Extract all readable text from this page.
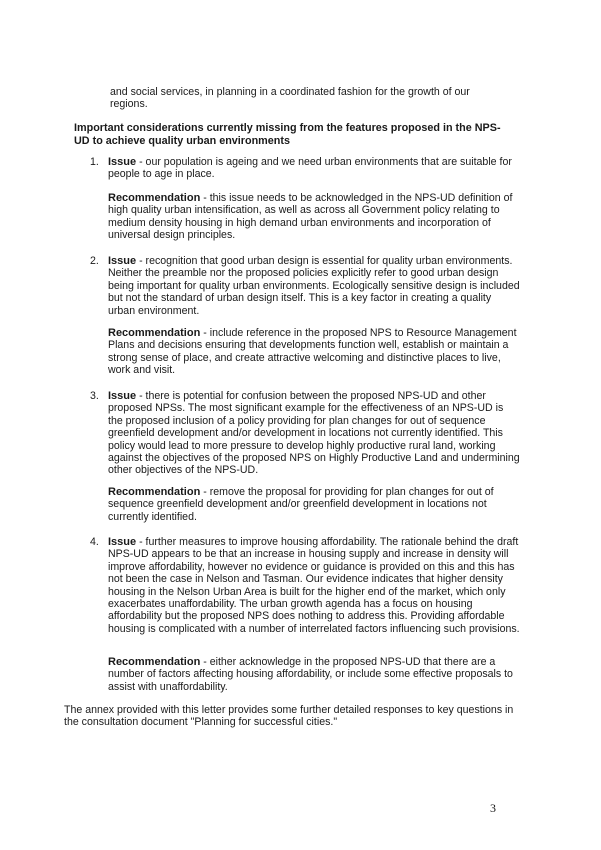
and social services, in planning in a coordinated fashion for the growth of our regions.

Important considerations currently missing from the features proposed in the NPS-UD to achieve quality urban environments

1. Issue - our population is ageing and we need urban environments that are suitable for people to age in place.

Recommendation - this issue needs to be acknowledged in the NPS-UD definition of high quality urban intensification, as well as across all Government policy relating to medium density housing in high demand urban environments and incorporation of universal design principles.

2. Issue - recognition that good urban design is essential for quality urban environments. Neither the preamble nor the proposed policies explicitly refer to good urban design being important for quality urban environments. Ecologically sensitive design is included but not the standard of urban design itself. This is a key factor in creating a quality urban environment.

Recommendation - include reference in the proposed NPS to Resource Management Plans and decisions ensuring that developments function well, establish or maintain a strong sense of place, and create attractive welcoming and distinctive places to live, work and visit.

3. Issue - there is potential for confusion between the proposed NPS-UD and other proposed NPSs. The most significant example for the effectiveness of an NPS-UD is the proposed inclusion of a policy providing for plan changes for out of sequence greenfield development and/or development in locations not currently identified. This policy would lead to more pressure to develop highly productive rural land, working against the objectives of the proposed NPS on Highly Productive Land and undermining other objectives of the NPS-UD.

Recommendation - remove the proposal for providing for plan changes for out of sequence greenfield development and/or greenfield development in locations not currently identified.

4. Issue - further measures to improve housing affordability. The rationale behind the draft NPS-UD appears to be that an increase in housing supply and increase in density will improve affordability, however no evidence or guidance is provided on this and this has not been the case in Nelson and Tasman. Our evidence indicates that higher density housing in the Nelson Urban Area is built for the higher end of the market, which only exacerbates unaffordability. The urban growth agenda has a focus on housing affordability but the proposed NPS does nothing to address this. Providing affordable housing is complicated with a number of interrelated factors influencing such provisions.

Recommendation - either acknowledge in the proposed NPS-UD that there are a number of factors affecting housing affordability, or include some effective proposals to assist with unaffordability.

The annex provided with this letter provides some further detailed responses to key questions in the consultation document "Planning for successful cities."

3
